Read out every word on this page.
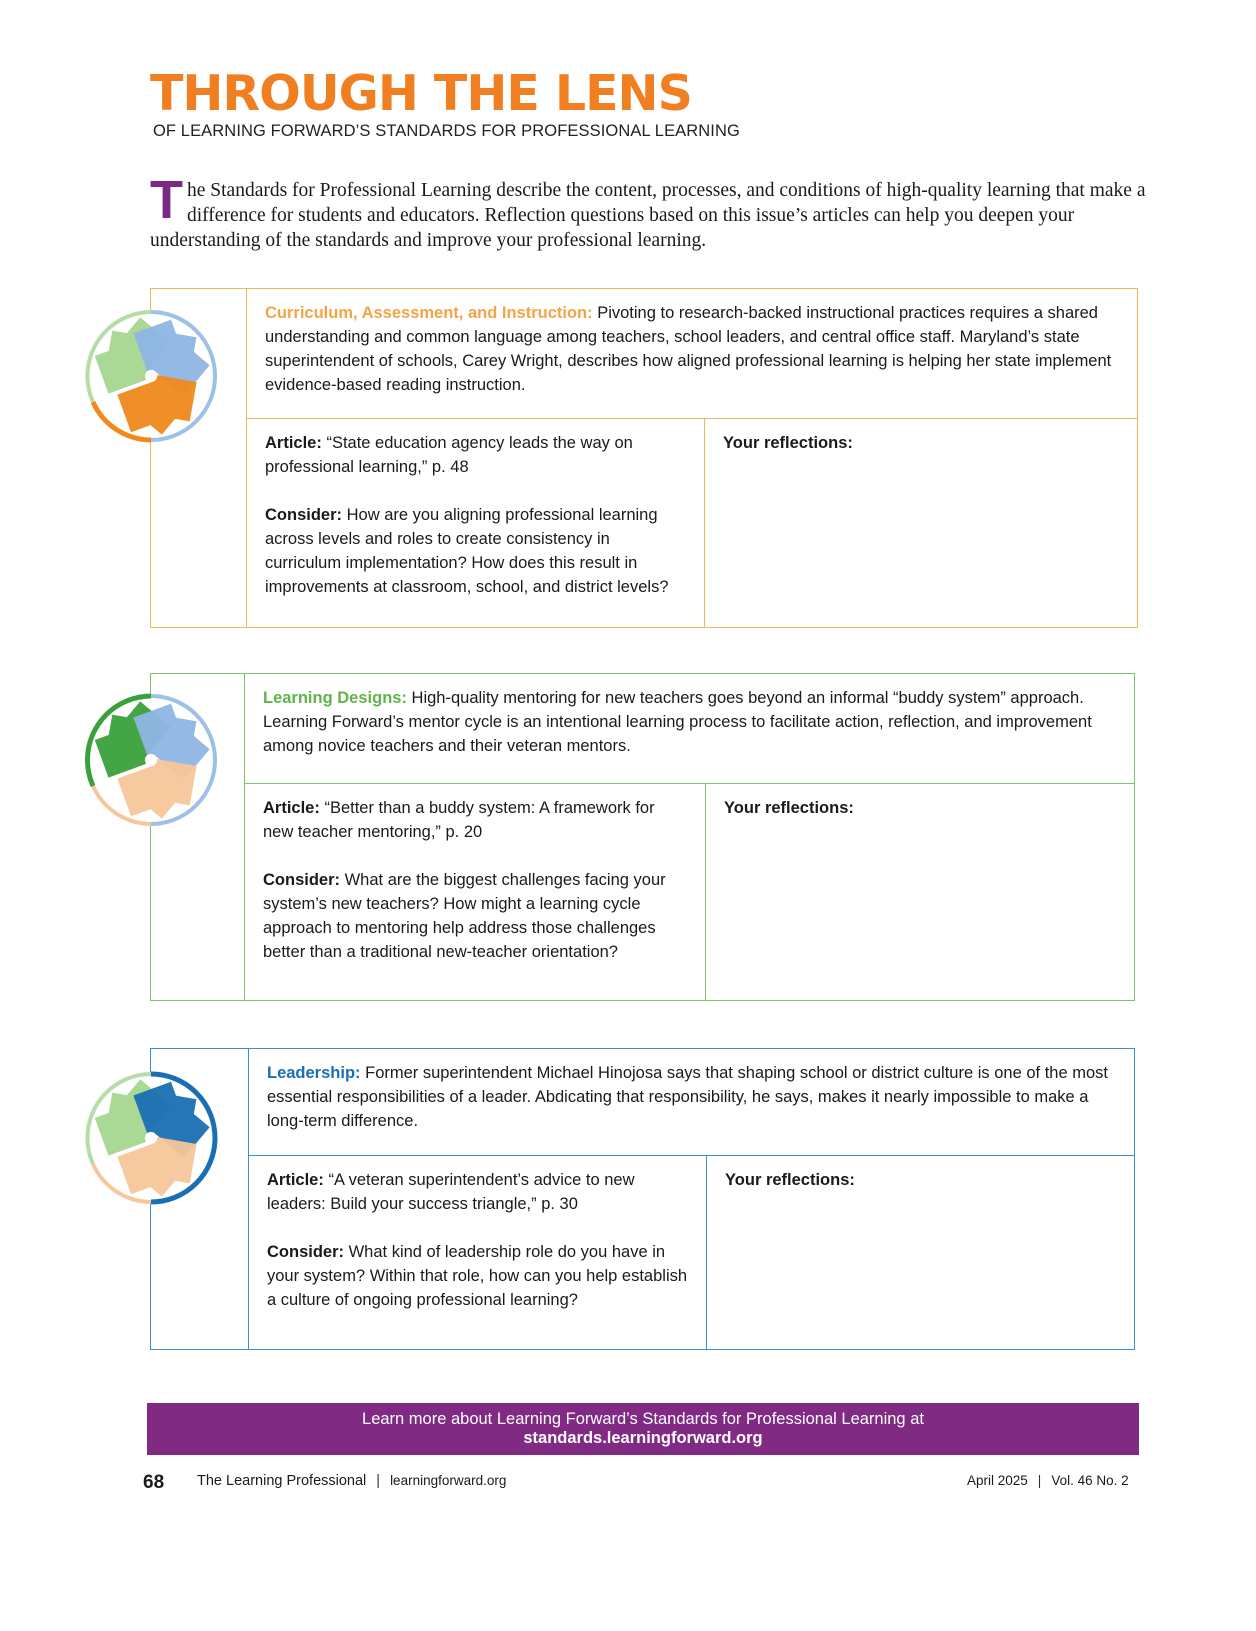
THROUGH THE LENS
OF LEARNING FORWARD’S STANDARDS FOR PROFESSIONAL LEARNING

The Standards for Professional Learning describe the content, processes, and conditions of high-quality learning that make a difference for students and educators. Reflection questions based on this issue’s articles can help you deepen your understanding of the standards and improve your professional learning.

Curriculum, Assessment, and Instruction: Pivoting to research-backed instructional practices requires a shared understanding and common language among teachers, school leaders, and central office staff. Maryland’s state superintendent of schools, Carey Wright, describes how aligned professional learning is helping her state implement evidence-based reading instruction.
Article: “State education agency leads the way on professional learning,” p. 48
Consider: How are you aligning professional learning across levels and roles to create consistency in curriculum implementation? How does this result in improvements at classroom, school, and district levels?
Your reflections:
Learning Designs: High-quality mentoring for new teachers goes beyond an informal “buddy system” approach. Learning Forward’s mentor cycle is an intentional learning process to facilitate action, reflection, and improvement among novice teachers and their veteran mentors.
Article: “Better than a buddy system: A framework for new teacher mentoring,” p. 20
Consider: What are the biggest challenges facing your system’s new teachers? How might a learning cycle approach to mentoring help address those challenges better than a traditional new-teacher orientation?
Your reflections:
Leadership: Former superintendent Michael Hinojosa says that shaping school or district culture is one of the most essential responsibilities of a leader. Abdicating that responsibility, he says, makes it nearly impossible to make a long-term difference.
Article: “A veteran superintendent’s advice to new leaders: Build your success triangle,” p. 30
Consider: What kind of leadership role do you have in your system? Within that role, how can you help establish a culture of ongoing professional learning?
Your reflections:
Learn more about Learning Forward’s Standards for Professional Learning at
standards.learningforward.org
68 The Learning Professional | learningforward.org	April 2025 | Vol. 46 No. 2
